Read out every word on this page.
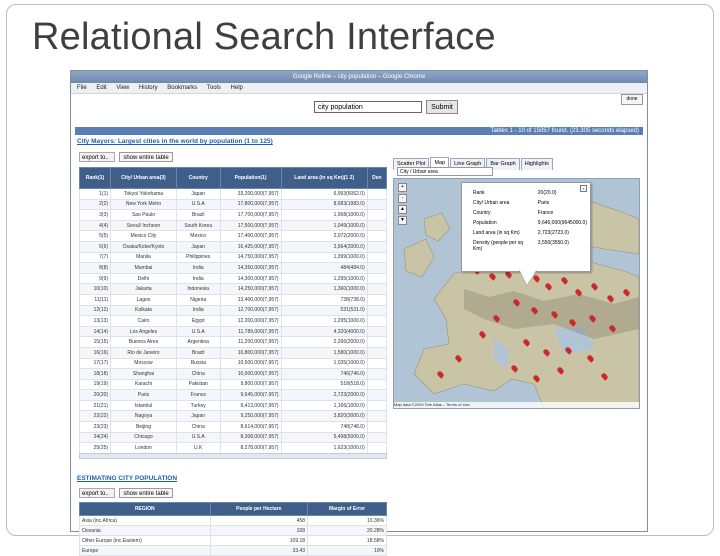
Relational Search Interface
Google Refine – city population – Google Chrome
File Edit View History Bookmarks Tools Help
city population	Submit
done
Tables 1 - 10 of 15057 found. (23.305 seconds elapsed)
City Mayors: Largest cities in the world by population (1 to 125)
export to..	show entire table
Rank(1)	City/ Urban area(3)	Country	Population(1)	Land area (in sq Km)(1 2)	Den
1(1)	Tokyo/ Yokohama	Japan	33,200,000(7,957)	6,993(6062.0)	
2(2)	New York Metro	U.S.A	17,800,000(7,957)	8,683(1983.0)	
3(3)	Sao Paulo	Brazil	17,700,000(7,957)	1,968(1000.0)	
4(4)	Seoul/ Incheon	South Korea	17,500,000(7,957)	1,049(1000.0)	
5(5)	Mexico City	Mexico	17,400,000(7,957)	2,072(2000.0)	
6(6)	Osaka/Kobe/Kyoto	Japan	16,425,000(7,957)	2,564(2000.0)	
7(7)	Manila	Philippines	14,750,000(7,957)	1,399(1000.0)	
8(8)	Mumbai	India	14,350,000(7,957)	484(484.0)	
9(9)	Delhi	India	14,300,000(7,957)	1,295(1000.0)	
10(10)	Jakarta	Indonesia	14,250,000(7,957)	1,360(1000.0)	
11(11)	Lagos	Nigeria	13,400,000(7,957)	738(738.0)	
12(12)	Kolkata	India	12,700,000(7,957)	531(531.0)	
13(13)	Cairo	Egypt	12,200,000(7,957)	1,295(1000.0)	
14(14)	Los Angeles	U.S.A	11,789,000(7,957)	4,320(4000.0)	
15(15)	Buenos Aires	Argentina	11,200,000(7,957)	2,266(2000.0)	
16(16)	Rio de Janeiro	Brazil	10,800,000(7,957)	1,580(1000.0)	
17(17)	Moscow	Russia	10,500,000(7,957)	1,035(1000.0)	
18(18)	Shanghai	China	10,000,000(7,957)	746(746.0)	
19(19)	Karachi	Pakistan	9,800,000(7,957)	518(518.0)	
20(20)	Paris	France	9,645,000(7,957)	2,723(2000.0)	
21(21)	Istanbul	Turkey	9,413,000(7,957)	1,166(1000.0)	
22(22)	Nagoya	Japan	9,250,000(7,957)	3,820(3000.0)	
23(23)	Beijing	China	8,614,000(7,957)	748(748.0)	
24(24)	Chicago	U.S.A	8,308,000(7,957)	5,498(5000.0)	
25(25)	London	U.K	8,278,000(7,957)	1,623(1000.0)	
Scatter Plot Map Line Graph Bar Graph Highlights
City / Urban area
+
-
▲
▼
Map data ©2009 Tele Atlas – Terms of Use
×
Rank	20(20.0)
City/ Urban area	Paris
Country	France
Population	9,645,000(9645000.0)
Land area (in sq Km)	2,723(2723.0)
Density (people per sq Km)	3,550(3550.0)
ESTIMATING CITY POPULATION
export to..	show entire table
REGION	People per Hectare	Margin of Error
Asia (inc.Africa)	458	10.36%
Oceania	328	20.28%
Other Europe (inc.Eastern)	109.18	18.58%
Europe	33.43	10%
